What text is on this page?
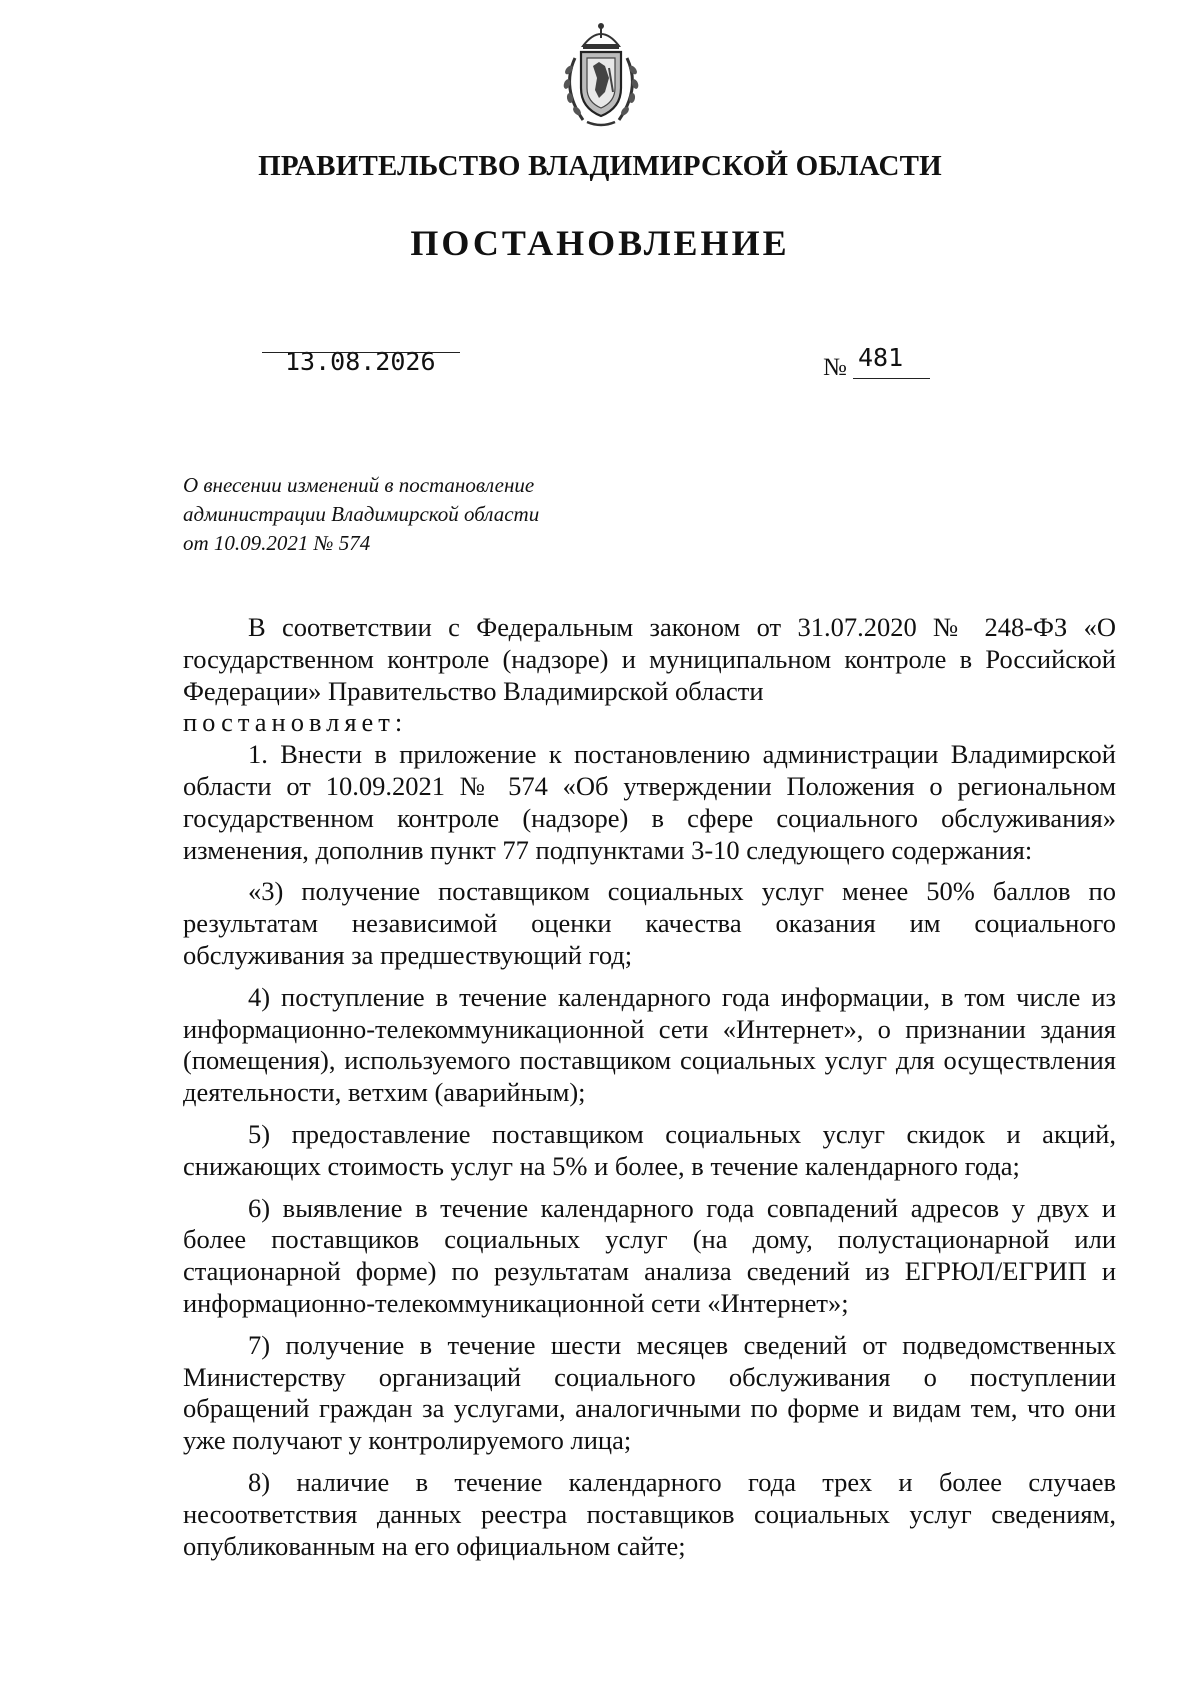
ПРАВИТЕЛЬСТВО ВЛАДИМИРСКОЙ ОБЛАСТИ
ПОСТАНОВЛЕНИЕ
13.08.2026	№ 481
О внесении изменений в постановление
администрации Владимирской области
от 10.09.2021 № 574

В соответствии с Федеральным законом от 31.07.2020 № 248-ФЗ «О государственном контроле (надзоре) и муниципальном контроле в Российской Федерации» Правительство Владимирской области
постановляет:

1. Внести в приложение к постановлению администрации Владимирской области от 10.09.2021 № 574 «Об утверждении Положения о региональном государственном контроле (надзоре) в сфере социального обслуживания» изменения, дополнив пункт 77 подпунктами 3-10 следующего содержания:

«3) получение поставщиком социальных услуг менее 50% баллов по результатам независимой оценки качества оказания им социального обслуживания за предшествующий год;

4) поступление в течение календарного года информации, в том числе из информационно-телекоммуникационной сети «Интернет», о признании здания (помещения), используемого поставщиком социальных услуг для осуществления деятельности, ветхим (аварийным);

5) предоставление поставщиком социальных услуг скидок и акций, снижающих стоимость услуг на 5% и более, в течение календарного года;

6) выявление в течение календарного года совпадений адресов у двух и более поставщиков социальных услуг (на дому, полустационарной или стационарной форме) по результатам анализа сведений из ЕГРЮЛ/ЕГРИП и информационно-телекоммуникационной сети «Интернет»;

7) получение в течение шести месяцев сведений от подведомственных Министерству организаций социального обслуживания о поступлении обращений граждан за услугами, аналогичными по форме и видам тем, что они уже получают у контролируемого лица;

8) наличие в течение календарного года трех и более случаев несоответствия данных реестра поставщиков социальных услуг сведениям, опубликованным на его официальном сайте;
